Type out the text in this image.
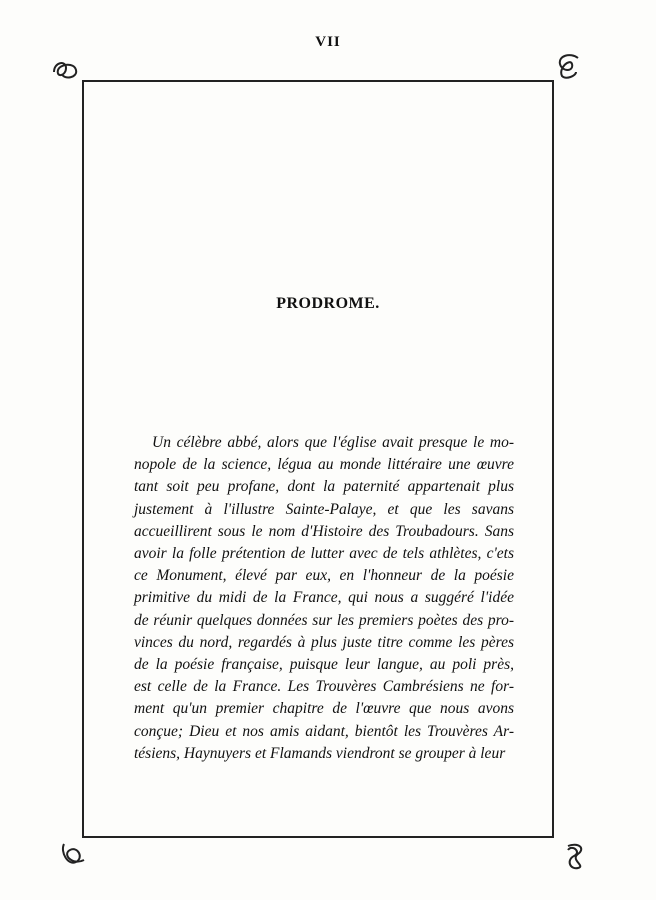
VII
PRODROME.
Un célèbre abbé, alors que l'église avait presque le mo-
nopole de la science, légua au monde littéraire une œuvre
tant soit peu profane, dont la paternité appartenait plus
justement à l'illustre Sainte-Palaye, et que les savans
accueillirent sous le nom d'Histoire des Troubadours. Sans
avoir la folle prétention de lutter avec de tels athlètes, c'ets
ce Monument, élevé par eux, en l'honneur de la poésie
primitive du midi de la France, qui nous a suggéré l'idée
de réunir quelques données sur les premiers poètes des pro-
vinces du nord, regardés à plus juste titre comme les pères
de la poésie française, puisque leur langue, au poli près,
est celle de la France. Les Trouvères Cambrésiens ne for-
ment qu'un premier chapitre de l'œuvre que nous avons
conçue; Dieu et nos amis aidant, bientôt les Trouvères Ar-
tésiens, Haynuyers et Flamands viendront se grouper à leur
